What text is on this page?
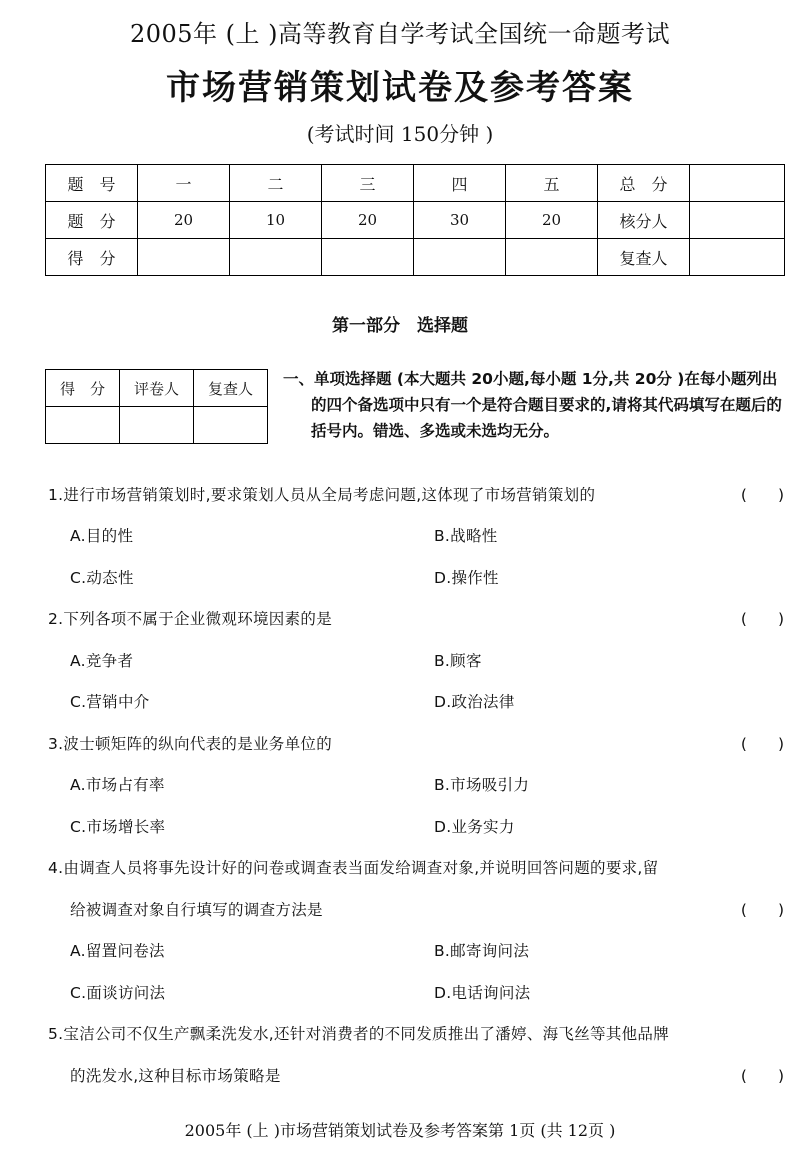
2005年 (上 )高等教育自学考试全国统一命题考试
市场营销策划试卷及参考答案
(考试时间 150分钟 )
题　号	一	二	三	四	五	总　分	
题　分	20	10	20	30	20	核分人	
得　分						复查人	
第一部分　选择题
得　分	评卷人	复查人

一、单项选择题 (本大题共 20小题,每小题 1分,共 20分 )在每小题列出的四个备选项中只有一个是符合题目要求的,请将其代码填写在题后的括号内。错选、多选或未选均无分。
1.进行市场营销策划时,要求策划人员从全局考虑问题,这体现了市场营销策划的	(　　)
A.目的性	B.战略性
C.动态性	D.操作性
2.下列各项不属于企业微观环境因素的是	(　　)
A.竞争者	B.顾客
C.营销中介	D.政治法律
3.波士顿矩阵的纵向代表的是业务单位的	(　　)
A.市场占有率	B.市场吸引力
C.市场增长率	D.业务实力
4.由调查人员将事先设计好的问卷或调查表当面发给调查对象,并说明回答问题的要求,留
给被调查对象自行填写的调查方法是	(　　)
A.留置问卷法	B.邮寄询问法
C.面谈访问法	D.电话询问法
5.宝洁公司不仅生产飘柔洗发水,还针对消费者的不同发质推出了潘婷、海飞丝等其他品牌
的洗发水,这种目标市场策略是	(　　)
2005年 (上 )市场营销策划试卷及参考答案第 1页 (共 12页 )
